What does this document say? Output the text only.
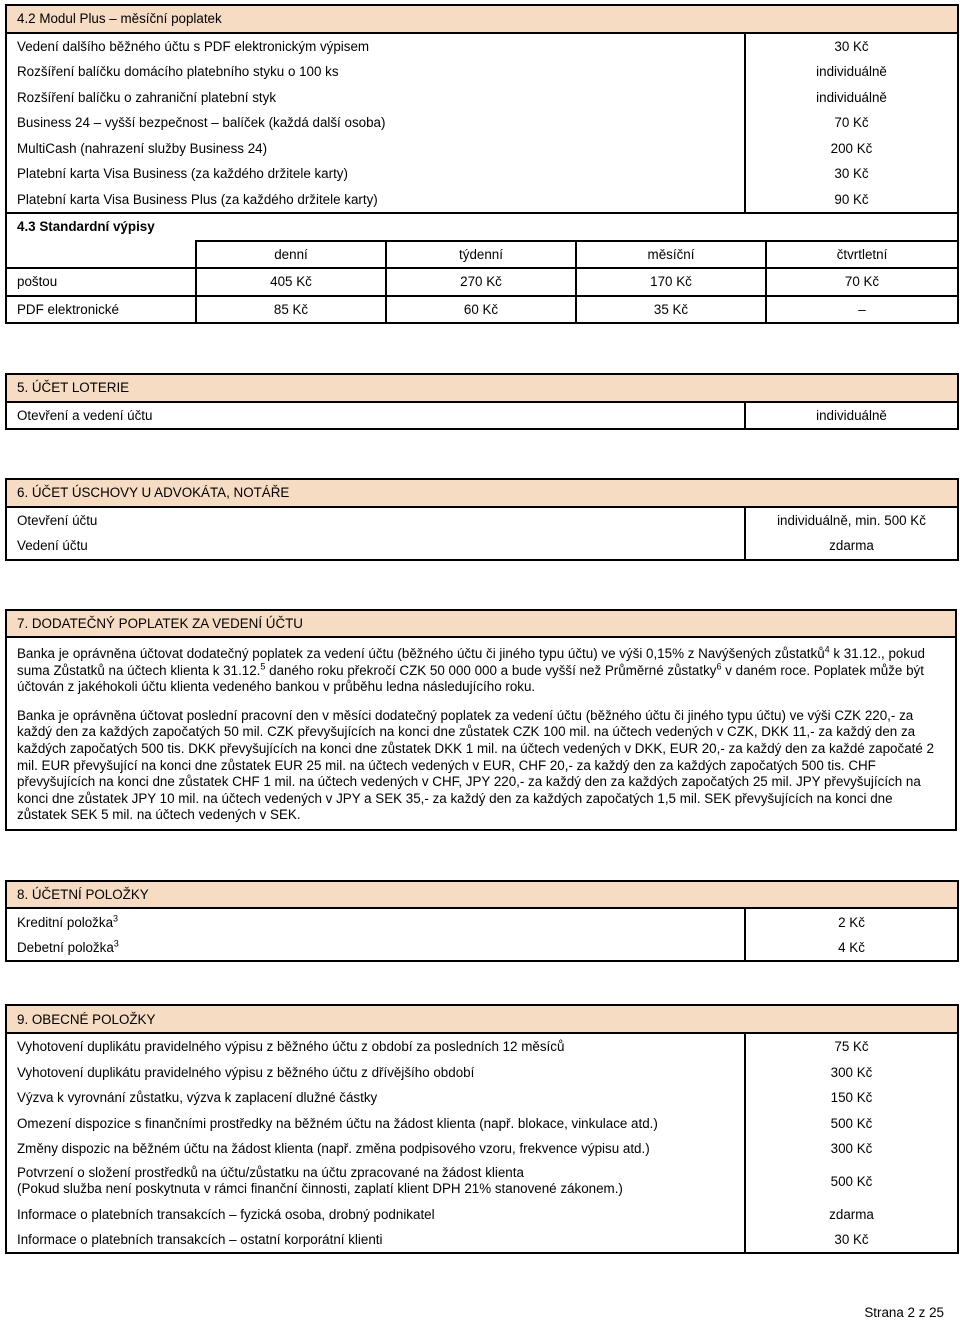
4.2 Modul Plus – měsíční poplatek	
Vedení dalšího běžného účtu s PDF elektronickým výpisem	30 Kč
Rozšíření balíčku domácího platebního styku o 100 ks	individuálně
Rozšíření balíčku o zahraniční platební styk	individuálně
Business 24 – vyšší bezpečnost – balíček (každá další osoba)	70 Kč
MultiCash (nahrazení služby Business 24)	200 Kč
Platební karta Visa Business (za každého držitele karty)	30 Kč
Platební karta Visa Business Plus (za každého držitele karty)	90 Kč
4.3 Standardní výpisy				
	denní	týdenní	měsíční	čtvrtletní
poštou	405 Kč	270 Kč	170 Kč	70 Kč
PDF elektronické	85 Kč	60 Kč	35 Kč	–
5. ÚČET LOTERIE
Otevření a vedení účtu	individuálně
6. ÚČET ÚSCHOVY U ADVOKÁTA, NOTÁŘE	
Otevření účtu	individuálně, min. 500 Kč
Vedení účtu	zdarma
7. DODATEČNÝ POPLATEK ZA VEDENÍ ÚČTU
Banka je oprávněna účtovat dodatečný poplatek za vedení účtu (běžného účtu či jiného typu účtu) ve výši 0,15% z Navýšených zůstatků$^4$ k 31.12., pokud suma Zůstatků na účtech klienta k 31.12.$^5$ daného roku překročí CZK 50 000 000 a bude vyšší než Průměrné zůstatky$^6$ v daném roce. Poplatek může být účtován z jakéhokoli účtu klienta vedeného bankou v průběhu ledna následujícího roku.
Banka je oprávněna účtovat poslední pracovní den v měsíci dodatečný poplatek za vedení účtu (běžného účtu či jiného typu účtu) ve výši CZK 220,- za každý den za každých započatých 50 mil. CZK převyšujících na konci dne zůstatek CZK 100 mil. na účtech vedených v CZK, DKK 11,- za každý den za každých započatých 500 tis. DKK převyšujících na konci dne zůstatek DKK 1 mil. na účtech vedených v DKK, EUR 20,- za každý den za každé započaté 2 mil. EUR převyšující na konci dne zůstatek EUR 25 mil. na účtech vedených v EUR, CHF 20,- za každý den za každých započatých 500 tis. CHF převyšujících na konci dne zůstatek CHF 1 mil. na účtech vedených v CHF, JPY 220,- za každý den za každých započatých 25 mil. JPY převyšujících na konci dne zůstatek JPY 10 mil. na účtech vedených v JPY a SEK 35,- za každý den za každých započatých 1,5 mil. SEK převyšujících na konci dne zůstatek SEK 5 mil. na účtech vedených v SEK.
8. ÚČETNÍ POLOŽKY	
Kreditní položka$^3$	2 Kč
Debetní položka$^3$	4 Kč
9. OBECNÉ POLOŽKY	
Vyhotovení duplikátu pravidelného výpisu z běžného účtu z období za posledních 12 měsíců	75 Kč
Vyhotovení duplikátu pravidelného výpisu z běžného účtu z dřívějšího období	300 Kč
Výzva k vyrovnání zůstatku, výzva k zaplacení dlužné částky	150 Kč
Omezení dispozice s finančními prostředky na běžném účtu na žádost klienta (např. blokace, vinkulace atd.)	500 Kč
Změny dispozic na běžném účtu na žádost klienta (např. změna podpisového vzoru, frekvence výpisu atd.)	300 Kč
Potvrzení o složení prostředků na účtu/zůstatku na účtu zpracované na žádost klienta
(Pokud služba není poskytnuta v rámci finanční činnosti, zaplatí klient DPH 21% stanovené zákonem.)	500 Kč
Informace o platebních transakcích – fyzická osoba, drobný podnikatel	zdarma
Informace o platebních transakcích – ostatní korporátní klienti	30 Kč
Strana 2 z 25
